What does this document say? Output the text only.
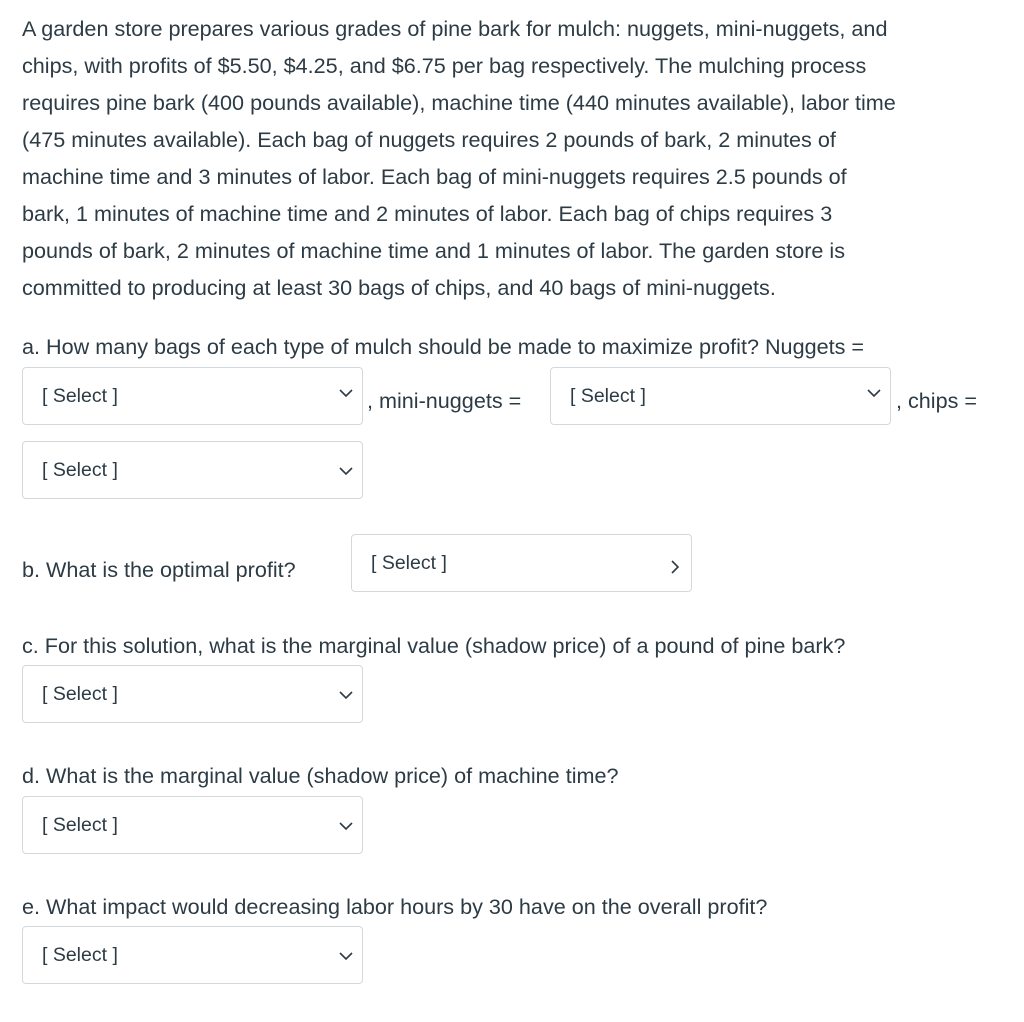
A garden store prepares various grades of pine bark for mulch: nuggets, mini-nuggets, and
chips, with profits of $5.50, $4.25, and $6.75 per bag respectively. The mulching process
requires pine bark (400 pounds available), machine time (440 minutes available), labor time
(475 minutes available). Each bag of nuggets requires 2 pounds of bark, 2 minutes of
machine time and 3 minutes of labor. Each bag of mini-nuggets requires 2.5 pounds of
bark, 1 minutes of machine time and 2 minutes of labor. Each bag of chips requires 3
pounds of bark, 2 minutes of machine time and 1 minutes of labor. The garden store is
committed to producing at least 30 bags of chips, and 40 bags of mini-nuggets.
a. How many bags of each type of mulch should be made to maximize profit? Nuggets =
[ Select ]	, mini-nuggets =	[ Select ]	, chips =
[ Select ]
b. What is the optimal profit?	[ Select ]
c. For this solution, what is the marginal value (shadow price) of a pound of pine bark?
[ Select ]
d. What is the marginal value (shadow price) of machine time?
[ Select ]
e. What impact would decreasing labor hours by 30 have on the overall profit?
[ Select ]
